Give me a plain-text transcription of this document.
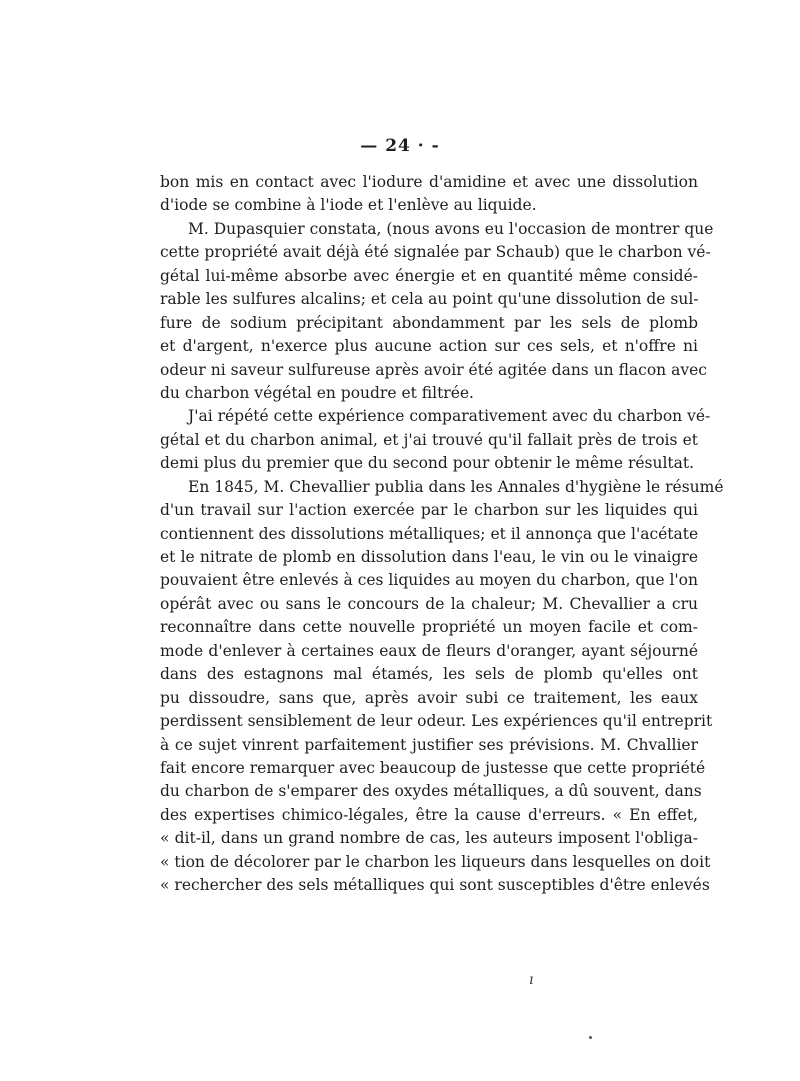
— 24 · -
bon mis en contact avec l'iodure d'amidine et avec une dissolution
d'iode se combine à l'iode et l'enlève au liquide.
M. Dupasquier constata, (nous avons eu l'occasion de montrer que
cette propriété avait déjà été signalée par Schaub) que le charbon vé-
gétal lui-même absorbe avec énergie et en quantité même considé-
rable les sulfures alcalins; et cela au point qu'une dissolution de sul-
fure de sodium précipitant abondamment par les sels de plomb
et d'argent, n'exerce plus aucune action sur ces sels, et n'offre ni
odeur ni saveur sulfureuse après avoir été agitée dans un flacon avec
du charbon végétal en poudre et filtrée.
J'ai répété cette expérience comparativement avec du charbon vé-
gétal et du charbon animal, et j'ai trouvé qu'il fallait près de trois et
demi plus du premier que du second pour obtenir le même résultat.
En 1845, M. Chevallier publia dans les Annales d'hygiène le résumé
d'un travail sur l'action exercée par le charbon sur les liquides qui
contiennent des dissolutions métalliques; et il annonça que l'acétate
et le nitrate de plomb en dissolution dans l'eau, le vin ou le vinaigre
pouvaient être enlevés à ces liquides au moyen du charbon, que l'on
opérât avec ou sans le concours de la chaleur; M. Chevallier a cru
reconnaître dans cette nouvelle propriété un moyen facile et com-
mode d'enlever à certaines eaux de fleurs d'oranger, ayant séjourné
dans des estagnons mal étamés, les sels de plomb qu'elles ont
pu dissoudre, sans que, après avoir subi ce traitement, les eaux
perdissent sensiblement de leur odeur. Les expériences qu'il entreprit
à ce sujet vinrent parfaitement justifier ses prévisions. M. Chvallier
fait encore remarquer avec beaucoup de justesse que cette propriété
du charbon de s'emparer des oxydes métalliques, a dû souvent, dans
des expertises chimico-légales, être la cause d'erreurs. « En effet,
« dit-il, dans un grand nombre de cas, les auteurs imposent l'obliga-
« tion de décolorer par le charbon les liqueurs dans lesquelles on doit
« rechercher des sels métalliques qui sont susceptibles d'être enlevés
ı
